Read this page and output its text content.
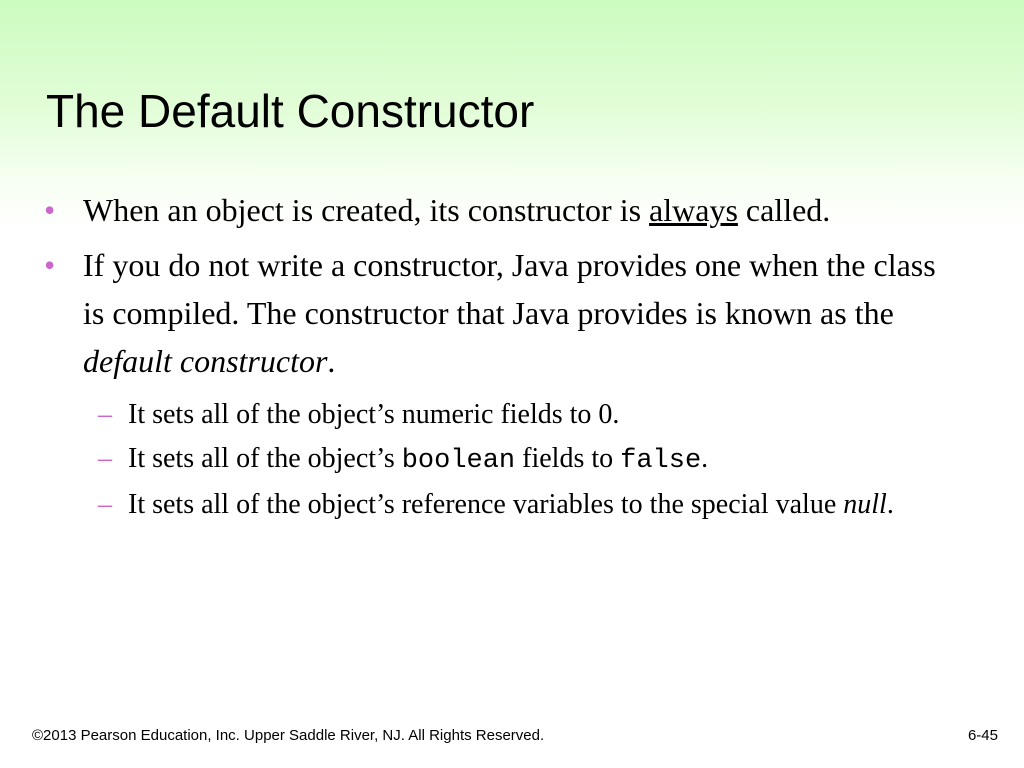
The Default Constructor
• When an object is created, its constructor is always called.
• If you do not write a constructor, Java provides one when the class is compiled. The constructor that Java provides is known as the default constructor.
– It sets all of the object’s numeric fields to 0.
– It sets all of the object’s boolean fields to false.
– It sets all of the object’s reference variables to the special value null.
©2013 Pearson Education, Inc. Upper Saddle River, NJ. All Rights Reserved.	6-45
